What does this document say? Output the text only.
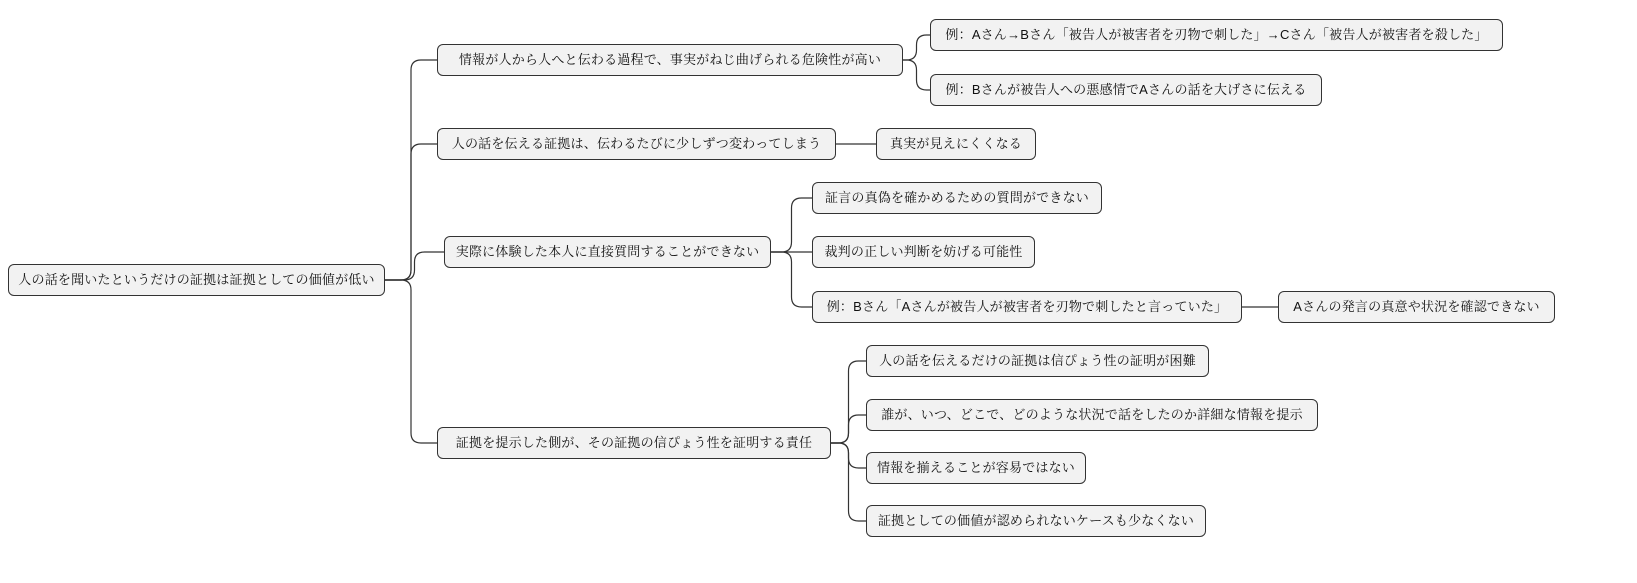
人の話を聞いたというだけの証拠は証拠としての価値が低い
情報が人から人へと伝わる過程で、事実がねじ曲げられる危険性が高い
例：Aさん→Bさん「被告人が被害者を刃物で刺した」→Cさん「被告人が被害者を殺した」
例：Bさんが被告人への悪感情でAさんの話を大げさに伝える
人の話を伝える証拠は、伝わるたびに少しずつ変わってしまう	真実が見えにくくなる
実際に体験した本人に直接質問することができない
証言の真偽を確かめるための質問ができない
裁判の正しい判断を妨げる可能性
例：Bさん「Aさんが被告人が被害者を刃物で刺したと言っていた」	Aさんの発言の真意や状況を確認できない
証拠を提示した側が、その証拠の信ぴょう性を証明する責任
人の話を伝えるだけの証拠は信ぴょう性の証明が困難
誰が、いつ、どこで、どのような状況で話をしたのか詳細な情報を提示
情報を揃えることが容易ではない
証拠としての価値が認められないケースも少なくない
